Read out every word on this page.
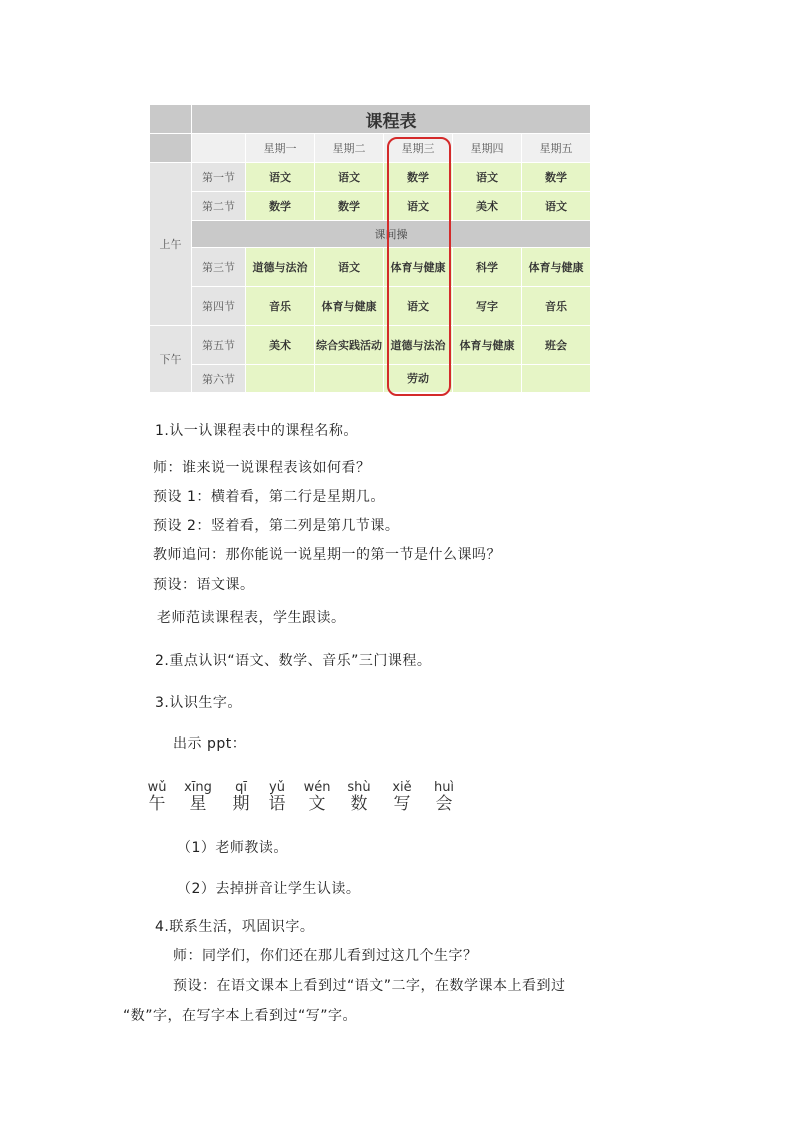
	课程表					
		星期一	星期二	星期三	星期四	星期五
上午	第一节	语文	语文	数学	语文	数学
	第二节	数学	数学	语文	美术	语文
	课间操					
	第三节	道德与法治	语文	体育与健康	科学	体育与健康
	第四节	音乐	体育与健康	语文	写字	音乐
下午	第五节	美术	综合实践活动	道德与法治	体育与健康	班会
	第六节			劳动		
1.认一认课程表中的课程名称。
师：谁来说一说课程表该如何看？
预设 1：横着看，第二行是星期几。
预设 2：竖着看，第二列是第几节课。
教师追问：那你能说一说星期一的第一节是什么课吗？
预设：语文课。
老师范读课程表，学生跟读。
2.重点认识“语文、数学、音乐”三门课程。
3.认识生字。
出示 ppt：
wǔ
午
xīng
星
qī
期
yǔ
语
wén
文
shù
数
xiě
写
huì
会
（1）老师教读。
（2）去掉拼音让学生认读。
4.联系生活，巩固识字。
师：同学们，你们还在那儿看到过这几个生字？
预设：在语文课本上看到过“语文”二字，在数学课本上看到过
“数”字，在写字本上看到过“写”字。
